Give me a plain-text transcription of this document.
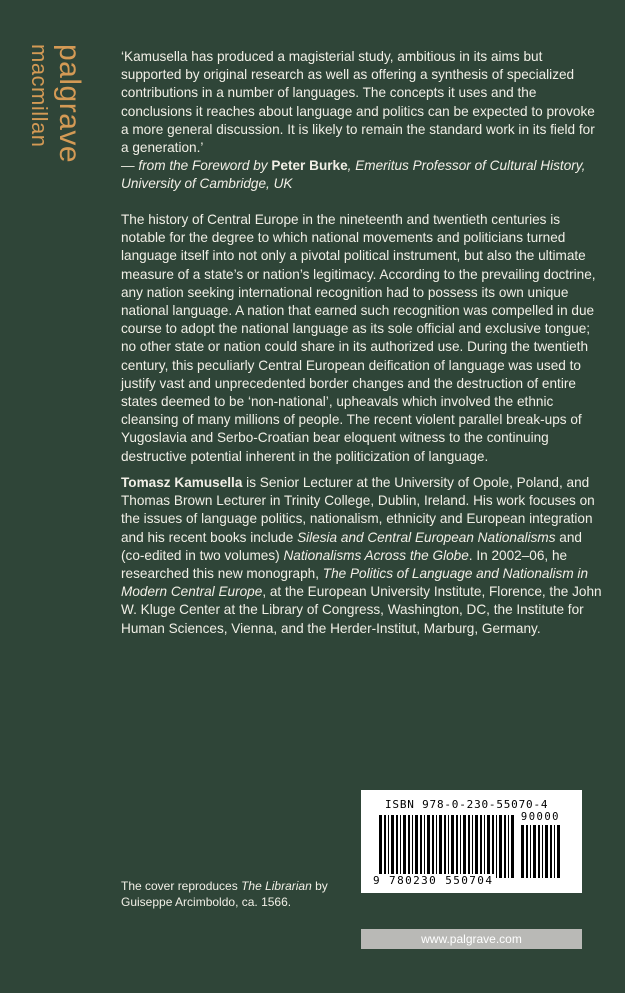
palgrave
macmillan	‘Kamusella has produced a magisterial study, ambitious in its aims but supported by original research as well as offering a synthesis of specialized contributions in a number of languages. The concepts it uses and the conclusions it reaches about language and politics can be expected to provoke a more general discussion. It is likely to remain the standard work in its field for a generation.’
— from the Foreword by Peter Burke, Emeritus Professor of Cultural History, University of Cambridge, UK
The history of Central Europe in the nineteenth and twentieth centuries is notable for the degree to which national movements and politicians turned language itself into not only a pivotal political instrument, but also the ultimate measure of a state’s or nation’s legitimacy. According to the prevailing doctrine, any nation seeking international recognition had to possess its own unique national language. A nation that earned such recognition was compelled in due course to adopt the national language as its sole official and exclusive tongue; no other state or nation could share in its authorized use. During the twentieth century, this peculiarly Central European deification of language was used to justify vast and unprecedented border changes and the destruction of entire states deemed to be ‘non-national’, upheavals which involved the ethnic cleansing of many millions of people. The recent violent parallel break-ups of Yugoslavia and Serbo-Croatian bear eloquent witness to the continuing destructive potential inherent in the politicization of language.
Tomasz Kamusella is Senior Lecturer at the University of Opole, Poland, and Thomas Brown Lecturer in Trinity College, Dublin, Ireland. His work focuses on the issues of language politics, nationalism, ethnicity and European integration and his recent books include Silesia and Central European Nationalisms and (co-edited in two volumes) Nationalisms Across the Globe. In 2002–06, he researched this new monograph, The Politics of Language and Nationalism in Modern Central Europe, at the European University Institute, Florence, the John W. Kluge Center at the Library of Congress, Washington, DC, the Institute for Human Sciences, Vienna, and the Herder-Institut, Marburg, Germany.
ISBN 978-0-230-55070-4
90000
9 780230 550704
The cover reproduces The Librarian by Guiseppe Arcimboldo, ca. 1566.
www.palgrave.com
